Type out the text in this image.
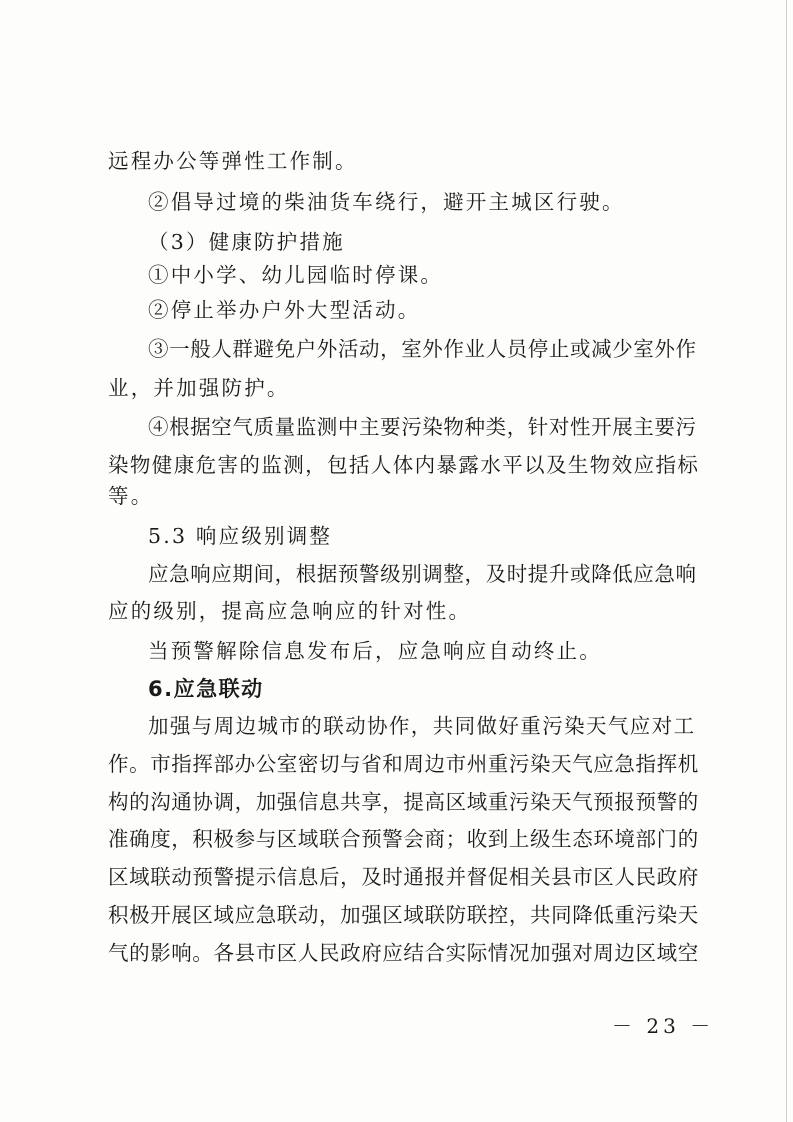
远程办公等弹性工作制。
②倡导过境的柴油货车绕行，避开主城区行驶。
（3）健康防护措施
①中小学、幼儿园临时停课。
②停止举办户外大型活动。
③一般人群避免户外活动，室外作业人员停止或减少室外作
业，并加强防护。
④根据空气质量监测中主要污染物种类，针对性开展主要污
染物健康危害的监测，包括人体内暴露水平以及生物效应指标
等。
5.3 响应级别调整
应急响应期间，根据预警级别调整，及时提升或降低应急响
应的级别，提高应急响应的针对性。
当预警解除信息发布后，应急响应自动终止。
6.应急联动
加强与周边城市的联动协作，共同做好重污染天气应对工
作。市指挥部办公室密切与省和周边市州重污染天气应急指挥机
构的沟通协调，加强信息共享，提高区域重污染天气预报预警的
准确度，积极参与区域联合预警会商；收到上级生态环境部门的
区域联动预警提示信息后，及时通报并督促相关县市区人民政府
积极开展区域应急联动，加强区域联防联控，共同降低重污染天
气的影响。各县市区人民政府应结合实际情况加强对周边区域空
－ 23 －
